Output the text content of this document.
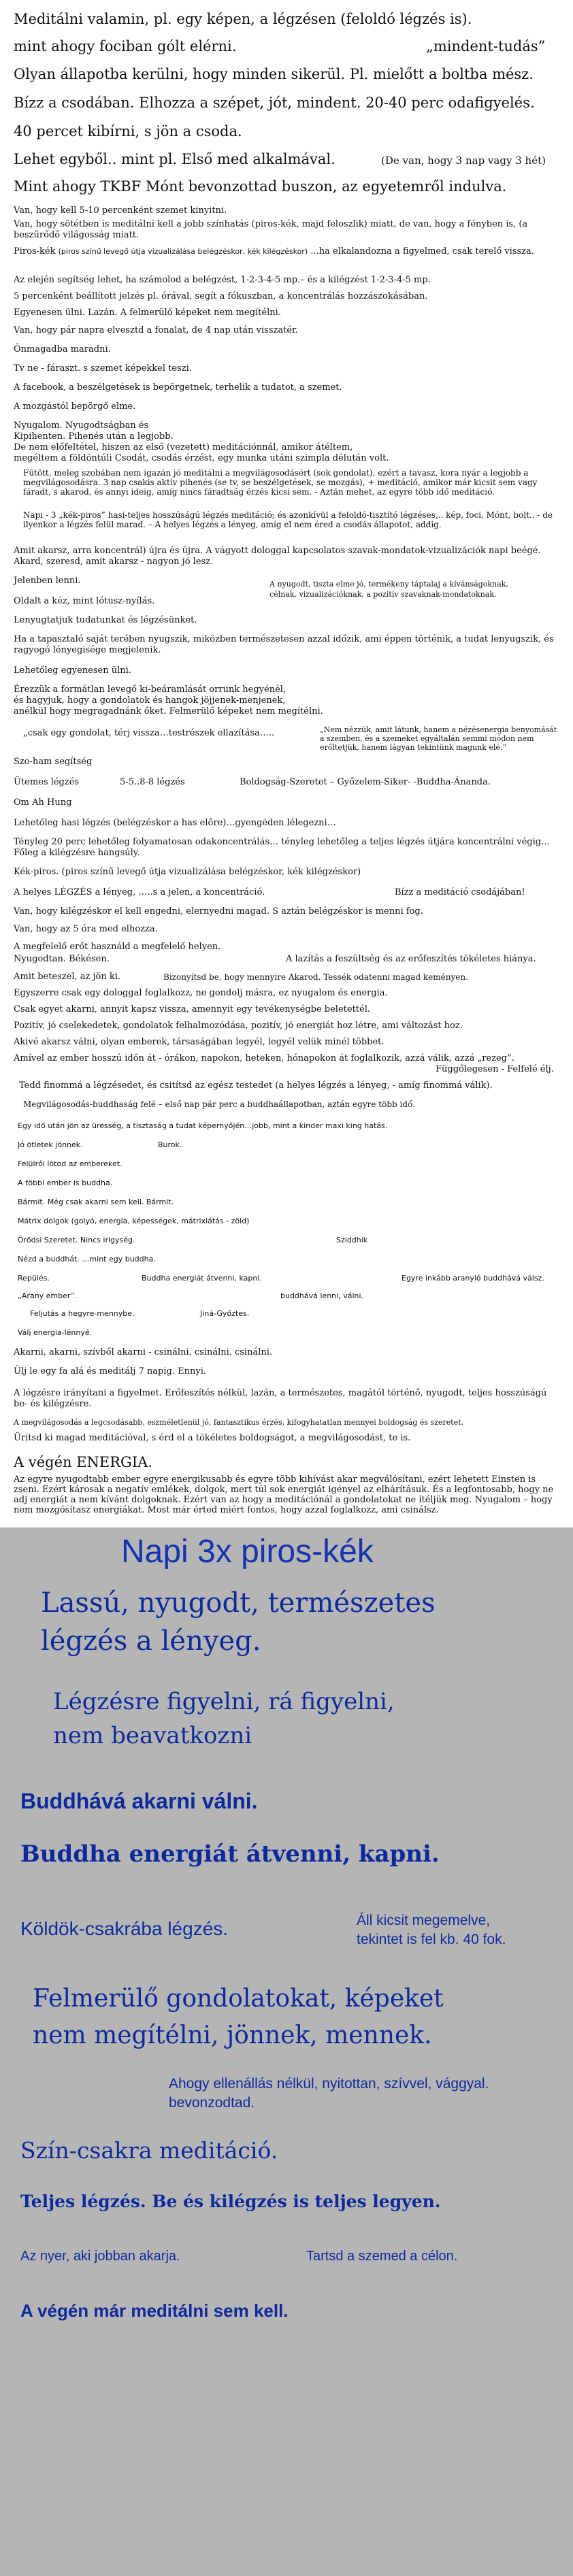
Meditálni valamin, pl. egy képen, a légzésen (feloldó légzés is).

mint ahogy fociban gólt elérni.	„mindent-tudás”

Olyan állapotba kerülni, hogy minden sikerül. Pl. mielőtt a boltba mész.

Bízz a csodában. Elhozza a szépet, jót, mindent. 20-40 perc odafigyelés.

40 percet kibírni, s jön a csoda.

Lehet egyből.. mint pl. Első med alkalmával.	(De van, hogy 3 nap vagy 3 hét)

Mint ahogy TKBF Mónt bevonzottad buszon, az egyetemről indulva.

Van, hogy kell 5-10 percenként szemet kinyitni.

Van, hogy sötétben is meditálni kell a jobb színhatás (piros-kék, majd feloszlik) miatt, de van, hogy a fényben is, (a beszűrődő világosság miatt.

Piros-kék (piros színű levegő útja vizualizálása belégzéskor, kék kilégzéskor) ...ha elkalandozna a figyelmed, csak terelő vissza.

Az elején segítség lehet, ha számolod a belégzést, 1-2-3-4-5 mp.– és a kilégzést 1-2-3-4-5 mp.

5 percenként beállított jelzés pl. órával, segít a fókuszban, a koncentrálás hozzászokásában.

Egyenesen ülni. Lazán. A felmerülő képeket nem megítélni.

Van, hogy pár napra elvesztd a fonalat, de 4 nap után visszatér.

Önmagadba maradni.

Tv ne - fáraszt. s szemet képekkel teszi.

A facebook, a beszélgetések is bepörgetnek, terhelik a tudatot, a szemet.

A mozgástól bepörgő elme.

Nyugalom. Nyugodtságban és

Kipihenten. Pihenés után a legjobb.

De nem előfeltétel, hiszen az első (vezetett) meditációnnál, amikor átéltem,

megéltem a földöntúli Csodát, csodás érzést, egy munka utáni szimpla délután volt.

Fütött, meleg szobában nem igazán jó meditálni a megvilágosodásért (sok gondolat), ezért a tavasz, kora nyár a legjobb a megvilágosodásra. 3 nap csakis aktív pihenés (se tv, se beszélgetések, se mozgás), + meditáció, amikor már kicsit sem vagy fáradt, s akarod, és annyi ideig, amíg nincs fáradtság érzés kicsi sem. - Aztán mehet, az egyre több idő meditáció.

Napi - 3 „kék-piros” hasi-teljes hosszúságú légzés meditáció; és azonkívül a feloldó-tisztító légzéses,.. kép, foci, Mónt, bolt.. - de ilyenkor a légzés felül marad. – A helyes légzés a lényeg, amíg el nem éred a csodás állapotot, addig.

Amit akarsz, arra koncentrál) újra és újra. A vágyott dologgal kapcsolatos szavak-mondatok-vizualizációk napi beégé. Akard, szeresd, amit akarsz - nagyon jó lesz.

Jelenben lenni.	A nyugodt, tiszta elme jó, termékeny táptalaj a kívánságoknak,

célnak, vizualizációknak, a pozitív szavaknak-mondatoknak.

Oldalt a kéz, mint lótusz-nyílás.

Lenyugtatjuk tudatunkat és légzésünket.

Ha a tapasztaló saját terében nyugszik, miközben természetesen azzal időzik, ami éppen történik, a tudat lenyugszik, és ragyogó lényegisége megjelenik.

Lehetőleg egyenesen ülni.

Érezzük a formátlan levegő ki-beáramlását orrunk hegyénél,

és hagyjuk, hogy a gondolatok és hangok jöjjenek-menjenek,

anélkül hogy megragadnánk őket. Felmerülő képeket nem megítélni.

„csak egy gondolat, térj vissza…testrészek ellazítása…..	„Nem nézzük, amit látunk, hanem a nézésenergia benyomását a szemben, és a szemeket egyáltalán semmi módon nem erőltetjük, hanem lágyan tekintünk magunk elé.”

Szo-ham segítség

Ütemes légzés	5-5..8-8 légzés	Boldogság-Szeretet – Győzelem-Siker- -Buddha-Ánanda.

Om Ah Hung

Lehetőleg hasi légzés (belégzéskor a has előre)…gyengéden lélegezni…

Tényleg 20 perc lehetőleg folyamatosan odakoncentrálás… tényleg lehetőleg a teljes légzés útjára koncentrálni végig… Főleg a kilégzésre hangsúly.

Kék-piros. (piros színű levegő útja vizualizálása belégzéskor, kék kilégzéskor)

A helyes LÉGZÉS a lényeg, …..s a jelen, a koncentráció.	Bízz a meditáció csodájában!

Van, hogy kilégzéskor el kell engedni, elernyedni magad. S aztán belégzéskor is menni fog.

Van, hogy az 5 óra med elhozza.

A megfelelő erőt használd a megfelelő helyen.

Nyugodtan. Békésen.	A lazítás a feszültség és az erőfeszítés tökéletes hiánya.

Amit beteszel, az jön ki.	Bizonyítsd be, hogy mennyire Akarod. Tessék odatenni magad keményen.

Egyszerre csak egy dologgal foglalkozz, ne gondolj másra, ez nyugalom és energia.

Csak egyet akarni, annyit kapsz vissza, amennyit egy tevékenységbe beletettél.

Pozitív, jó cselekedetek, gondolatok felhalmozódása, pozitív, jó energiát hoz létre, ami változást hoz.

Akivé akarsz válni, olyan emberek, társaságában legyél, legyél velük minél többet.

Amível az ember hosszú időn át - órákon, napokon, heteken, hónapokon át foglalkozik, azzá válik, azzá „rezeg”.

Függőlegesen - Felfelé élj.

Tedd finommá a légzésedet, és csitítsd az egész testedet (a helyes légzés a lényeg, - amíg finommá válik).

Megvilágosodás-buddhaság felé – első nap pár perc a buddhaállapotban, aztán egyre több idő.

Egy idő után jön az üresség, a tisztaság a tudat képernyőjén…jobb, mint a kinder maxi king hatás.

Jó ötletek jönnek.	Burok.

Felülről lötod az embereket.

A többi ember is buddha.

Bármit. Még csak akarni sem kell. Bármit.

Mátrix dolgok (golyó, energia, képességek, mátrixlátás - zöld)

Örödsi Szeretet. Nincs irigység.	Sziddhik

Nézd a buddhát. …mint egy buddha.

Repülés.	Buddha energiát átvenni, kapni.	Egyre inkább aranyló buddhává válsz.

„Arany ember”.	buddhává lenni, válni.

Feljutás a hegyre-mennybe.	Jiná-Győztes.

Válj energia-lénnyé.

Akarni, akarni, szívből akarni - csinálni, csinálni, csinálni.

Ülj le egy fa alá és meditálj 7 napig. Ennyi.

A légzésre irányítani a figyelmet. Erőfeszítés nélkül, lazán, a természetes, magától történő, nyugodt, teljes hosszúságú be- és kilégzésre.

A megvilágosodás a legcsodásabb, eszméletlenül jó, fantasztikus érzés, kifogyhatatlan mennyei boldogság és szeretet.

Üritsd ki magad meditációval, s érd el a tökéletes boldogságot, a megvilágosodást, te is.

A végén ENERGIA.

Az egyre nyugodtabb ember egyre energikusabb és egyre több kihívást akar megválósítani, ezért lehetett Einsten is zseni. Ezért károsak a negatív emlékek, dolgok, mert túl sok energiát igényel az elhárításuk. És a legfontosabb, hogy ne adj energiát a nem kívánt dolgoknak. Ezért van az hogy a meditációnál a gondolatokat ne ítéljük meg. Nyugalom – hogy nem mozgósítasz energiákat. Most már érted miért fontos, hogy azzal foglalkozz, ami csinálsz.

Napi 3x piros-kék

Lassú, nyugodt, természetes

légzés a lényeg.

Légzésre figyelni, rá figyelni,

nem beavatkozni

Buddhává akarni válni.

Buddha energiát átvenni, kapni.

Köldök-csakrába légzés.	Áll kicsit megemelve,

tekintet is fel kb. 40 fok.

Felmerülő gondolatokat, képeket

nem megítélni, jönnek, mennek.

Ahogy ellenállás nélkül, nyitottan, szívvel, vággyal.

bevonzodtad.

Szín-csakra meditáció.

Teljes légzés. Be és kilégzés is teljes legyen.

Az nyer, aki jobban akarja.	Tartsd a szemed a célon.

A végén már meditálni sem kell.
